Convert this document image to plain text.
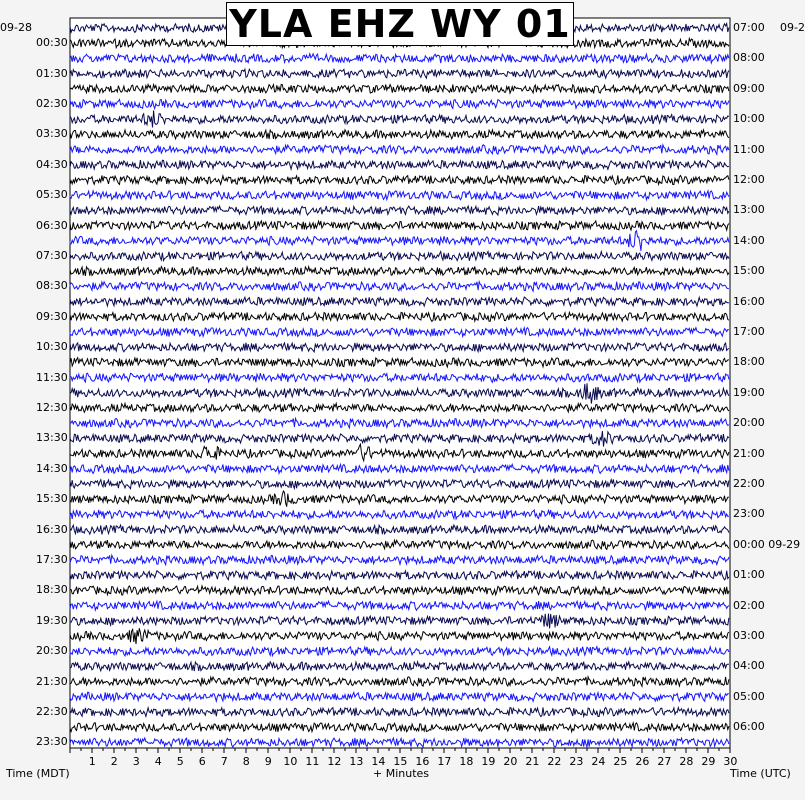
YLA EHZ WY 01
09-28	09-2
00:30
01:30
02:30
03:30
04:30
05:30
06:30
07:30
08:30
09:30
10:30
11:30
12:30
13:30
14:30
15:30
16:30
17:30
18:30
19:30
20:30
21:30
22:30
23:30
07:00
08:00
09:00
10:00
11:00
12:00
13:00
14:00
15:00
16:00
17:00
18:00
19:00
20:00
21:00
22:00
23:00
00:00 09-29
01:00
02:00
03:00
04:00
05:00
06:00
1 2 3 4 5 6 7 8 9 10 11 12 13 14 15 16 17 18 19 20 21 22 23 24 25 26 27 28 29 30
Time (MDT)	+ Minutes	Time (UTC)
